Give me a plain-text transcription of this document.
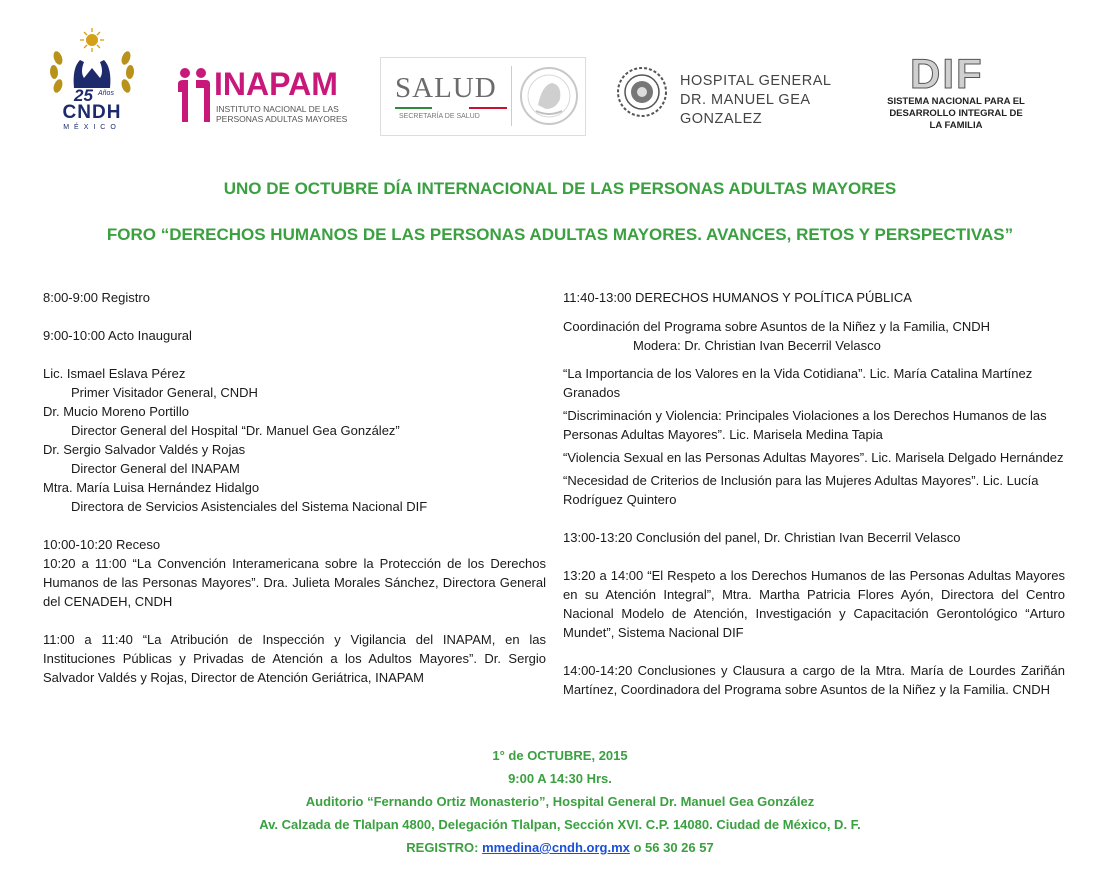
25 Años
CNDH
MÉXICO
INAPAM
INSTITUTO NACIONAL DE LAS PERSONAS ADULTAS MAYORES
SALUD
SECRETARÍA DE SALUD
HOSPITAL GENERAL
DR. MANUEL GEA GONZALEZ
DIF
SISTEMA NACIONAL PARA EL DESARROLLO INTEGRAL DE LA FAMILIA
UNO DE OCTUBRE DÍA INTERNACIONAL DE LAS PERSONAS ADULTAS MAYORES
FORO “DERECHOS HUMANOS DE LAS PERSONAS ADULTAS MAYORES. AVANCES, RETOS Y PERSPECTIVAS”

8:00-9:00 Registro

9:00-10:00 Acto Inaugural

Lic. Ismael Eslava Pérez

Primer Visitador General, CNDH

Dr. Mucio Moreno Portillo

Director General del Hospital “Dr. Manuel Gea González”

Dr. Sergio Salvador Valdés y Rojas

Director General del INAPAM

Mtra. María Luisa Hernández Hidalgo

Directora de Servicios Asistenciales del Sistema Nacional DIF

10:00-10:20 Receso

10:20 a 11:00 “La Convención Interamericana sobre la Protección de los Derechos Humanos de las Personas Mayores”. Dra. Julieta Morales Sánchez, Directora General del CENADEH, CNDH

11:00 a 11:40 “La Atribución de Inspección y Vigilancia del INAPAM, en las Instituciones Públicas y Privadas de Atención a los Adultos Mayores”. Dr. Sergio Salvador Valdés y Rojas, Director de Atención Geriátrica, INAPAM

11:40-13:00 DERECHOS HUMANOS Y POLÍTICA PÚBLICA

Coordinación del Programa sobre Asuntos de la Niñez y la Familia, CNDH

Modera: Dr. Christian Ivan Becerril Velasco

“La Importancia de los Valores en la Vida Cotidiana”. Lic. María Catalina Martínez Granados

“Discriminación y Violencia: Principales Violaciones a los Derechos Humanos de las Personas Adultas Mayores”. Lic. Marisela Medina Tapia

“Violencia Sexual en las Personas Adultas Mayores”. Lic. Marisela Delgado Hernández

“Necesidad de Criterios de Inclusión para las Mujeres Adultas Mayores”. Lic. Lucía Rodríguez Quintero

13:00-13:20 Conclusión del panel, Dr. Christian Ivan Becerril Velasco

13:20 a 14:00 “El Respeto a los Derechos Humanos de las Personas Adultas Mayores en su Atención Integral”, Mtra. Martha Patricia Flores Ayón, Directora del Centro Nacional Modelo de Atención, Investigación y Capacitación Gerontológico “Arturo Mundet”, Sistema Nacional DIF

14:00-14:20 Conclusiones y Clausura a cargo de la Mtra. María de Lourdes Zariñán Martínez, Coordinadora del Programa sobre Asuntos de la Niñez y la Familia. CNDH

1° de OCTUBRE, 2015
9:00 A 14:30 Hrs.
Auditorio “Fernando Ortiz Monasterio”, Hospital General Dr. Manuel Gea González
Av. Calzada de Tlalpan 4800, Delegación Tlalpan, Sección XVI. C.P. 14080. Ciudad de México, D. F.
REGISTRO: mmedina@cndh.org.mx o 56 30 26 57
